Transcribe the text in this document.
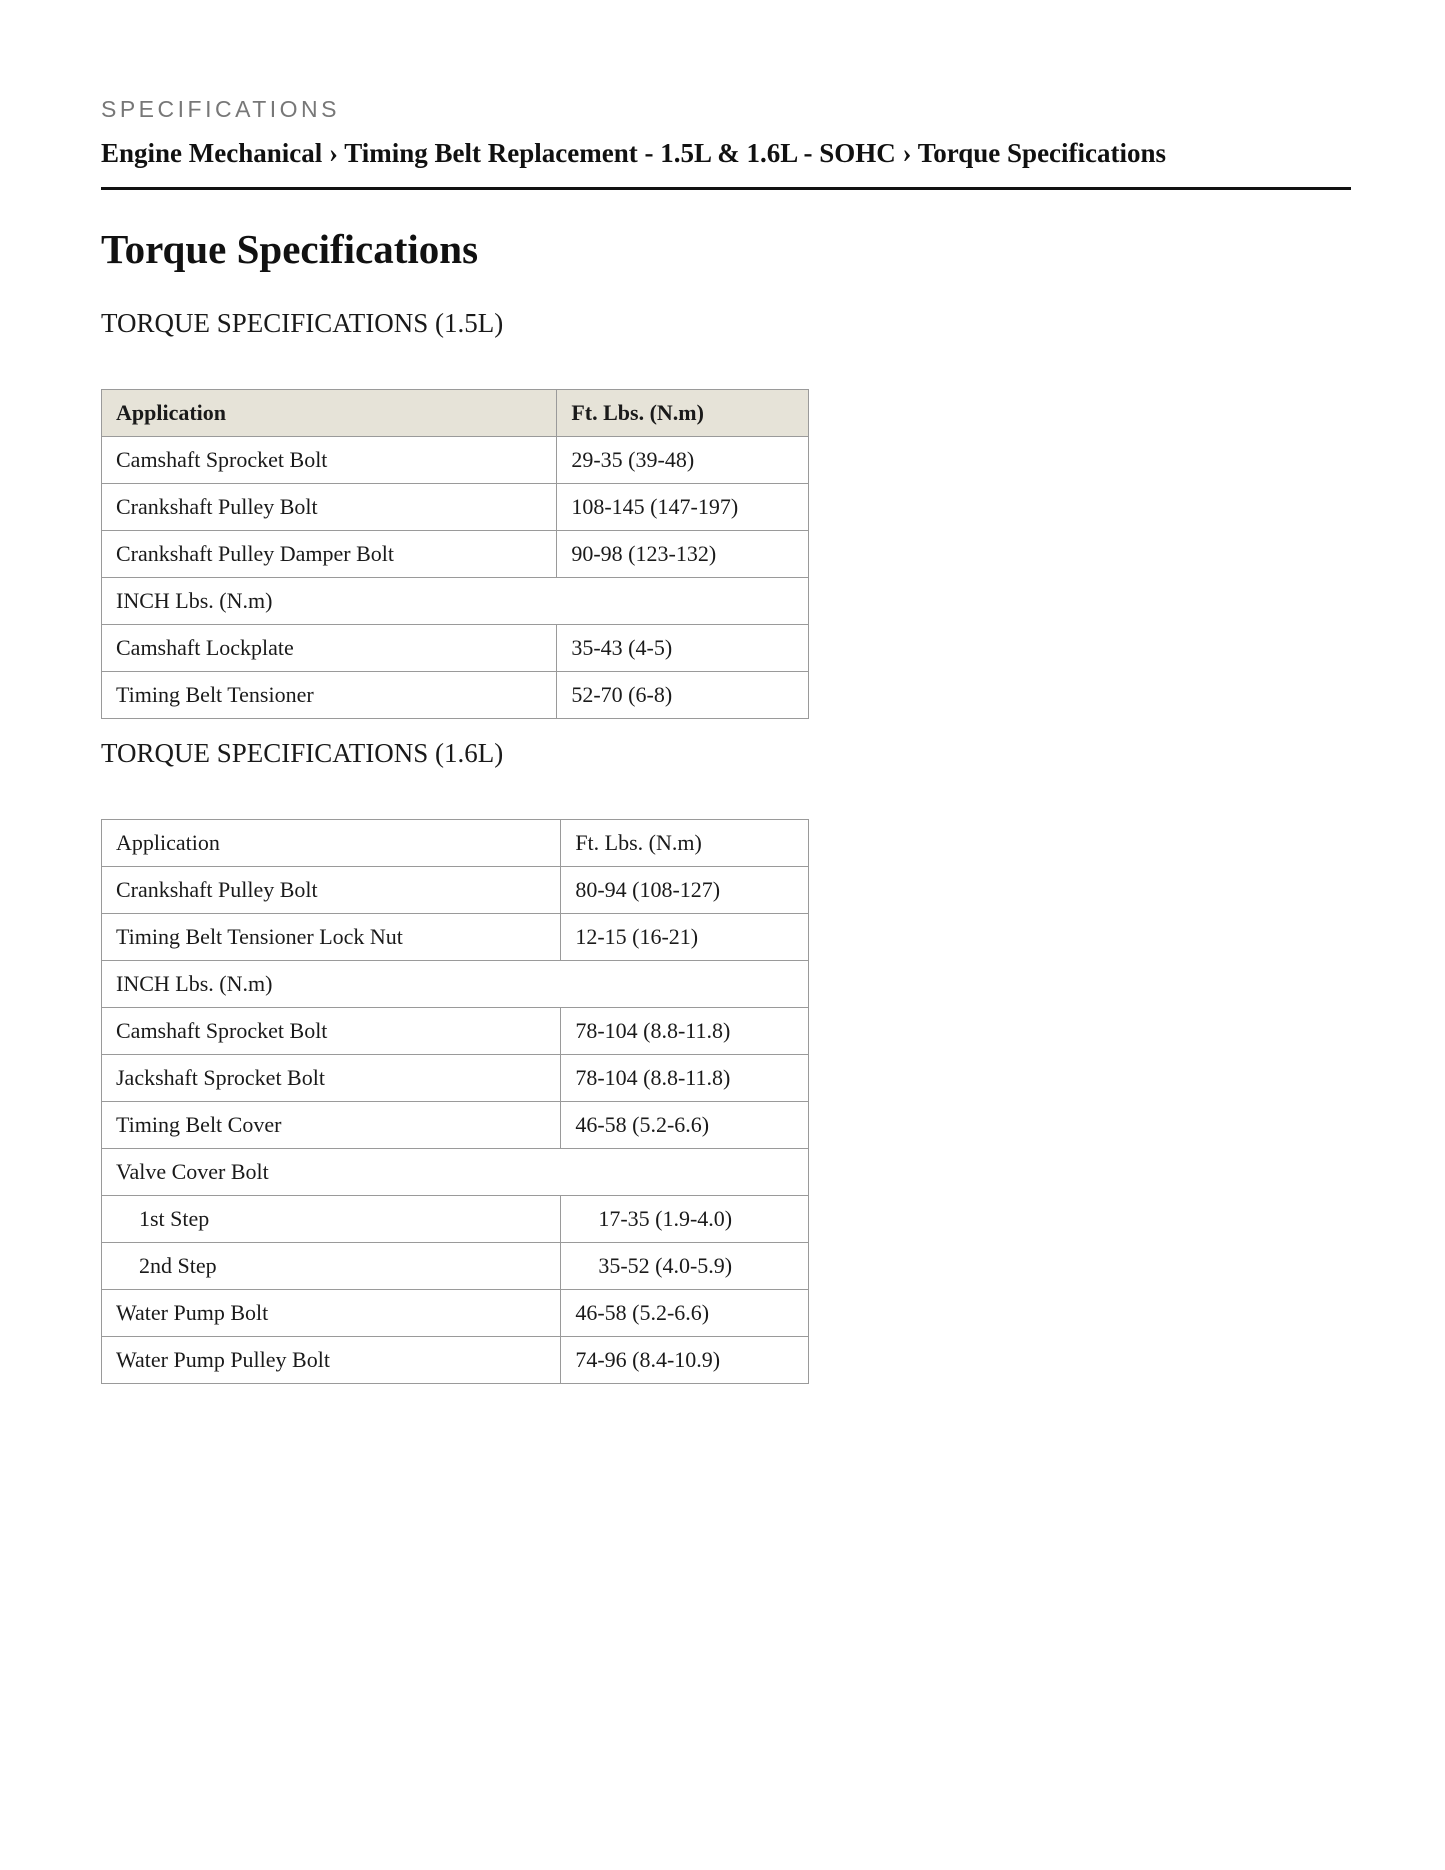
SPECIFICATIONS
Engine Mechanical › Timing Belt Replacement - 1.5L & 1.6L - SOHC › Torque Specifications
Torque Specifications
TORQUE SPECIFICATIONS (1.5L)
Application	Ft. Lbs. (N.m)
Camshaft Sprocket Bolt	29-35 (39-48)
Crankshaft Pulley Bolt	108-145 (147-197)
Crankshaft Pulley Damper Bolt	90-98 (123-132)
INCH Lbs. (N.m)	
Camshaft Lockplate	35-43 (4-5)
Timing Belt Tensioner	52-70 (6-8)
TORQUE SPECIFICATIONS (1.6L)
Application	Ft. Lbs. (N.m)
Crankshaft Pulley Bolt	80-94 (108-127)
Timing Belt Tensioner Lock Nut	12-15 (16-21)
INCH Lbs. (N.m)	
Camshaft Sprocket Bolt	78-104 (8.8-11.8)
Jackshaft Sprocket Bolt	78-104 (8.8-11.8)
Timing Belt Cover	46-58 (5.2-6.6)
Valve Cover Bolt	
1st Step	17-35 (1.9-4.0)
2nd Step	35-52 (4.0-5.9)
Water Pump Bolt	46-58 (5.2-6.6)
Water Pump Pulley Bolt	74-96 (8.4-10.9)
